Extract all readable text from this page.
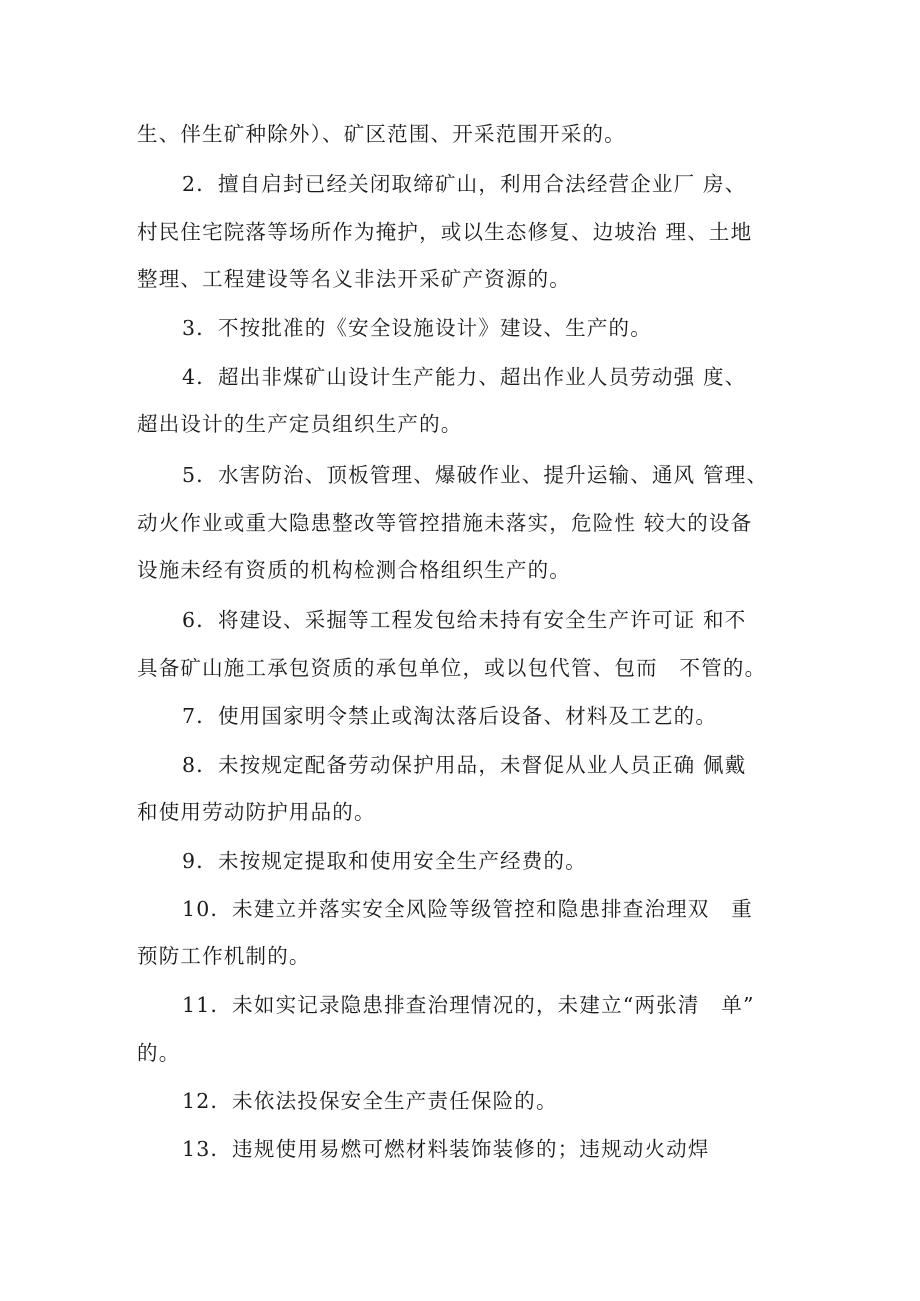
生、伴生矿种除外）、矿区范围、开采范围开采的。
2．擅自启封已经关闭取缔矿山，利用合法经营企业厂 房、
村民住宅院落等场所作为掩护，或以生态修复、边坡治 理、土地
整理、工程建设等名义非法开采矿产资源的。
3．不按批准的《安全设施设计》建设、生产的。
4．超出非煤矿山设计生产能力、超出作业人员劳动强 度、
超出设计的生产定员组织生产的。
5．水害防治、顶板管理、爆破作业、提升运输、通风 管理、
动火作业或重大隐患整改等管控措施未落实，危险性 较大的设备
设施未经有资质的机构检测合格组织生产的。
6．将建设、采掘等工程发包给未持有安全生产许可证 和不
具备矿山施工承包资质的承包单位，或以包代管、包而　不管的。
7．使用国家明令禁止或淘汰落后设备、材料及工艺的。
8．未按规定配备劳动保护用品，未督促从业人员正确 佩戴
和使用劳动防护用品的。
9．未按规定提取和使用安全生产经费的。
10．未建立并落实安全风险等级管控和隐患排查治理双　重
预防工作机制的。
11．未如实记录隐患排查治理情况的，未建立“两张清　单”
的。
12．未依法投保安全生产责任保险的。
13．违规使用易燃可燃材料装饰装修的；违规动火动焊
